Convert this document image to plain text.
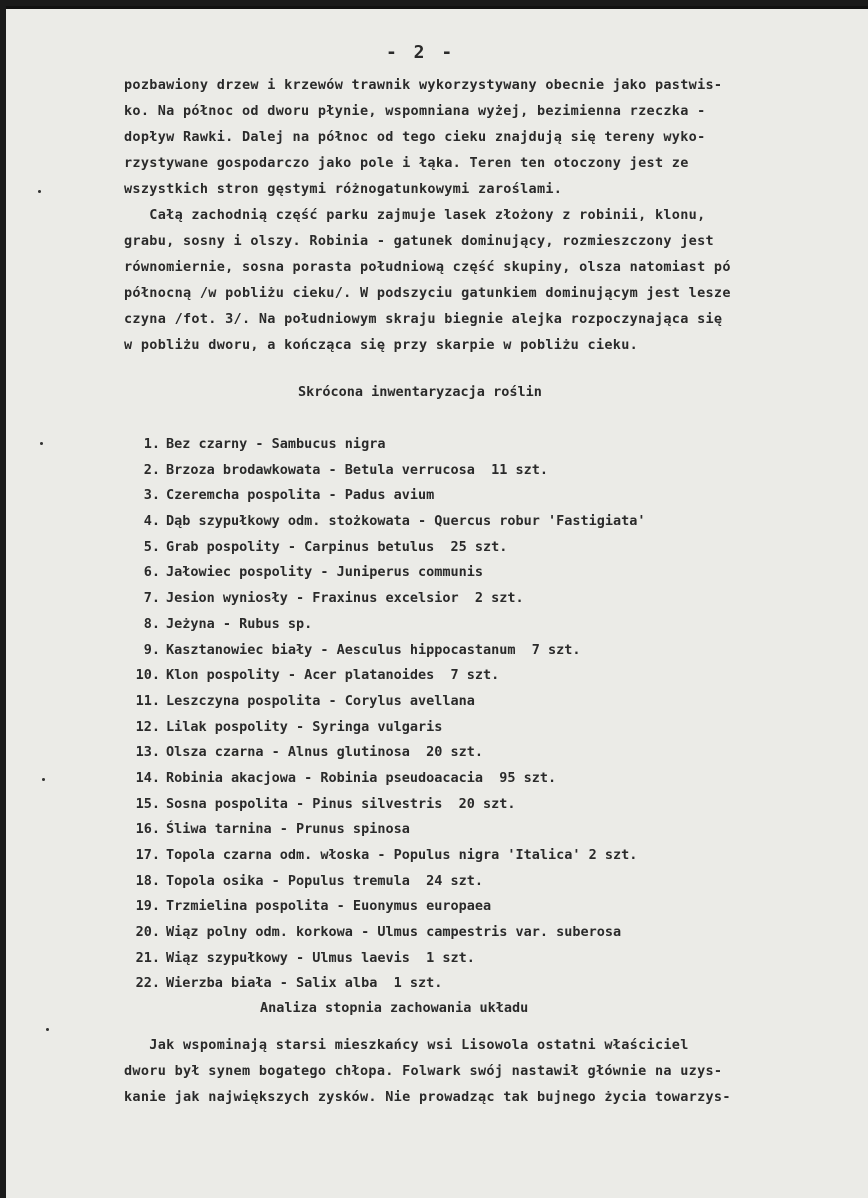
- 2 -
pozbawiony drzew i krzewów trawnik wykorzystywany obecnie jako pastwis-
ko. Na północ od dworu płynie, wspomniana wyżej, bezimienna rzeczka -
dopływ Rawki. Dalej na północ od tego cieku znajdują się tereny wyko-
rzystywane gospodarczo jako pole i łąka. Teren ten otoczony jest ze
wszystkich stron gęstymi różnogatunkowymi zaroślami.
Całą zachodnią część parku zajmuje lasek złożony z robinii, klonu,
grabu, sosny i olszy. Robinia - gatunek dominujący, rozmieszczony jest
równomiernie, sosna porasta południową część skupiny, olsza natomiast pó
północną /w pobliżu cieku/. W podszyciu gatunkiem dominującym jest lesze
czyna /fot. 3/. Na południowym skraju biegnie alejka rozpoczynająca się
w pobliżu dworu, a kończąca się przy skarpie w pobliżu cieku.
Skrócona inwentaryzacja roślin
1. Bez czarny - Sambucus nigra
2. Brzoza brodawkowata - Betula verrucosa  11 szt.
3. Czeremcha pospolita - Padus avium
4. Dąb szypułkowy odm. stożkowata - Quercus robur 'Fastigiata'
5. Grab pospolity - Carpinus betulus  25 szt.
6. Jałowiec pospolity - Juniperus communis
7. Jesion wyniosły - Fraxinus excelsior  2 szt.
8. Jeżyna - Rubus sp.
9. Kasztanowiec biały - Aesculus hippocastanum  7 szt.
10. Klon pospolity - Acer platanoides  7 szt.
11. Leszczyna pospolita - Corylus avellana
12. Lilak pospolity - Syringa vulgaris
13. Olsza czarna - Alnus glutinosa  20 szt.
14. Robinia akacjowa - Robinia pseudoacacia  95 szt.
15. Sosna pospolita - Pinus silvestris  20 szt.
16. Śliwa tarnina - Prunus spinosa
17. Topola czarna odm. włoska - Populus nigra 'Italica' 2 szt.
18. Topola osika - Populus tremula  24 szt.
19. Trzmielina pospolita - Euonymus europaea
20. Wiąz polny odm. korkowa - Ulmus campestris var. suberosa
21. Wiąz szypułkowy - Ulmus laevis  1 szt.
22. Wierzba biała - Salix alba  1 szt.
Analiza stopnia zachowania układu
Jak wspominają starsi mieszkańcy wsi Lisowola ostatni właściciel
dworu był synem bogatego chłopa. Folwark swój nastawił głównie na uzys-
kanie jak największych zysków. Nie prowadząc tak bujnego życia towarzys-
